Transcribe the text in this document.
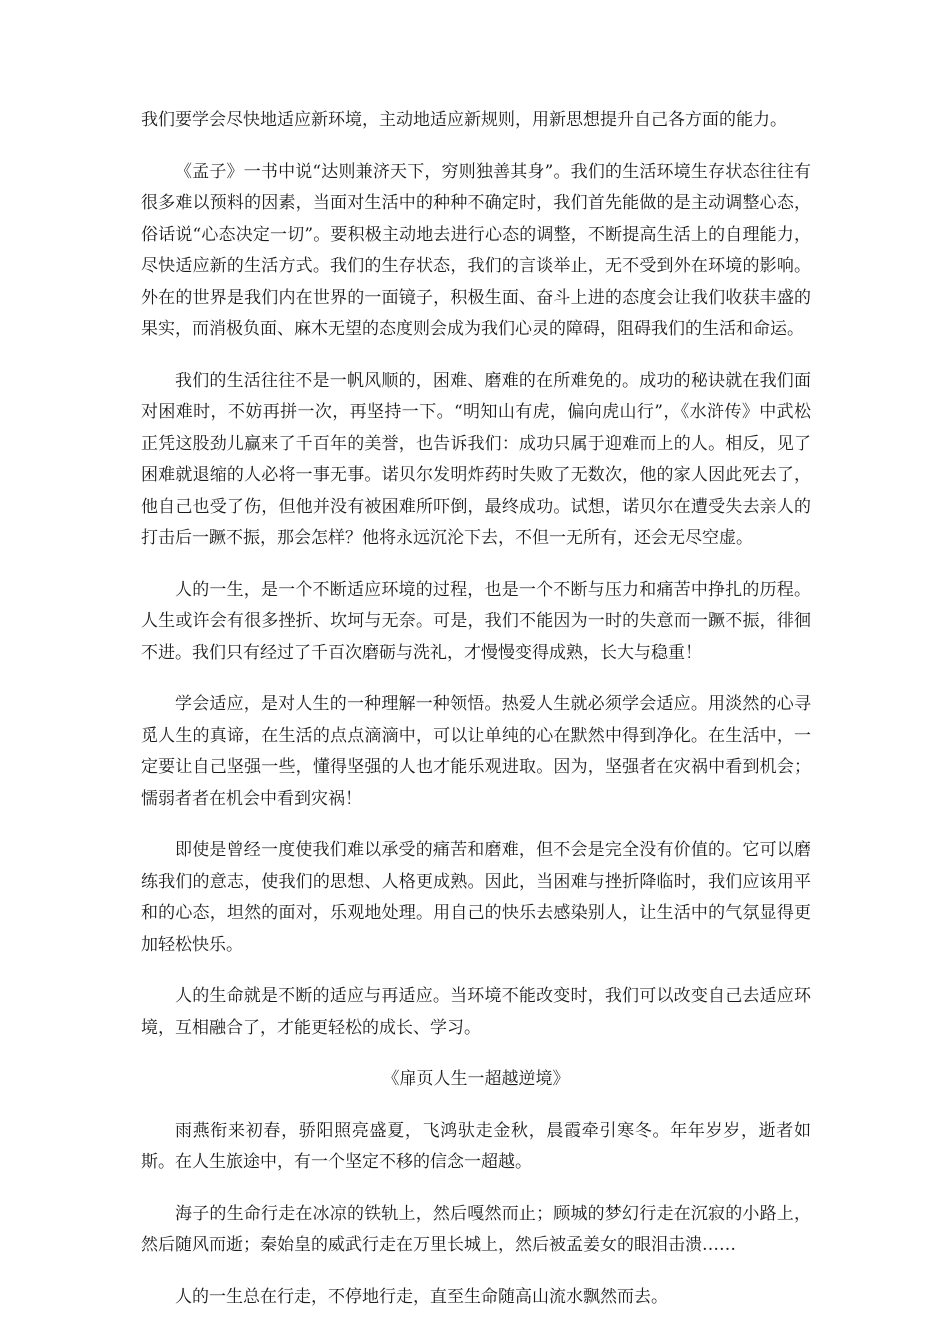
我们要学会尽快地适应新环境，主动地适应新规则，用新思想提升自己各方面的能力。

《孟子》一书中说“达则兼济天下，穷则独善其身”。我们的生活环境生存状态往往有很多难以预料的因素，当面对生活中的种种不确定时，我们首先能做的是主动调整心态，俗话说“心态决定一切”。要积极主动地去进行心态的调整，不断提高生活上的自理能力，尽快适应新的生活方式。我们的生存状态，我们的言谈举止，无不受到外在环境的影响。外在的世界是我们内在世界的一面镜子，积极生面、奋斗上进的态度会让我们收获丰盛的果实，而消极负面、麻木无望的态度则会成为我们心灵的障碍，阻碍我们的生活和命运。

我们的生活往往不是一帆风顺的，困难、磨难的在所难免的。成功的秘诀就在我们面对困难时，不妨再拼一次，再坚持一下。“明知山有虎，偏向虎山行”，《水浒传》中武松正凭这股劲儿赢来了千百年的美誉，也告诉我们：成功只属于迎难而上的人。相反，见了困难就退缩的人必将一事无事。诺贝尔发明炸药时失败了无数次，他的家人因此死去了，他自己也受了伤，但他并没有被困难所吓倒，最终成功。试想，诺贝尔在遭受失去亲人的打击后一蹶不振，那会怎样？他将永远沉沦下去，不但一无所有，还会无尽空虚。

人的一生，是一个不断适应环境的过程，也是一个不断与压力和痛苦中挣扎的历程。人生或许会有很多挫折、坎坷与无奈。可是，我们不能因为一时的失意而一蹶不振，徘徊不进。我们只有经过了千百次磨砺与洗礼，才慢慢变得成熟，长大与稳重！

学会适应，是对人生的一种理解一种领悟。热爱人生就必须学会适应。用淡然的心寻觅人生的真谛，在生活的点点滴滴中，可以让单纯的心在默然中得到净化。在生活中，一定要让自己坚强一些，懂得坚强的人也才能乐观进取。因为，坚强者在灾祸中看到机会；懦弱者者在机会中看到灾祸！

即使是曾经一度使我们难以承受的痛苦和磨难，但不会是完全没有价值的。它可以磨练我们的意志，使我们的思想、人格更成熟。因此，当困难与挫折降临时，我们应该用平和的心态，坦然的面对，乐观地处理。用自己的快乐去感染别人，让生活中的气氛显得更加轻松快乐。

人的生命就是不断的适应与再适应。当环境不能改变时，我们可以改变自己去适应环境，互相融合了，才能更轻松的成长、学习。

《扉页人生一超越逆境》

雨燕衔来初春，骄阳照亮盛夏，飞鸿驮走金秋，晨霞牵引寒冬。年年岁岁，逝者如斯。在人生旅途中，有一个坚定不移的信念一超越。

海子的生命行走在冰凉的铁轨上，然后嘎然而止；顾城的梦幻行走在沉寂的小路上，然后随风而逝；秦始皇的威武行走在万里长城上，然后被孟姜女的眼泪击溃……

人的一生总在行走，不停地行走，直至生命随高山流水飘然而去。
